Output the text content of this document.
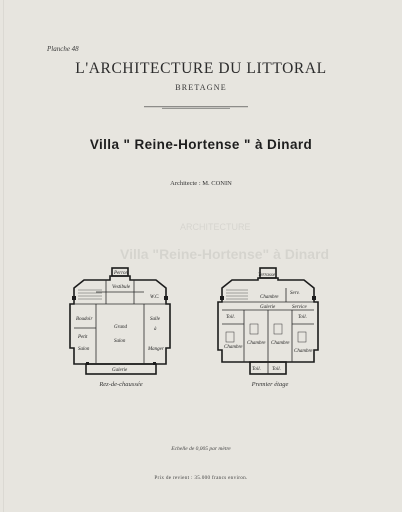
Planche 48
L'ARCHITECTURE DU LITTORAL
BRETAGNE
Villa " Reine-Hortense " à Dinard
Architecte : M. CONIN
ARCHITECTURE
Villa "Reine-Hortense" à Dinard
Perron
Vestibule
W.C.
Boudoir	Salle
Grand
Petit
à
Salon
Salon
Manger
Galerie
Rez-de-chaussée
Terrasse
Chambre
Serv.
Galerie	Service
Toil.
Chambre
Chambre Chambre
Chambre
Toil.
Toil. Toil.
Premier étage
Echelle de 0,005 par mètre
Prix de revient : 35.000 francs environ.
